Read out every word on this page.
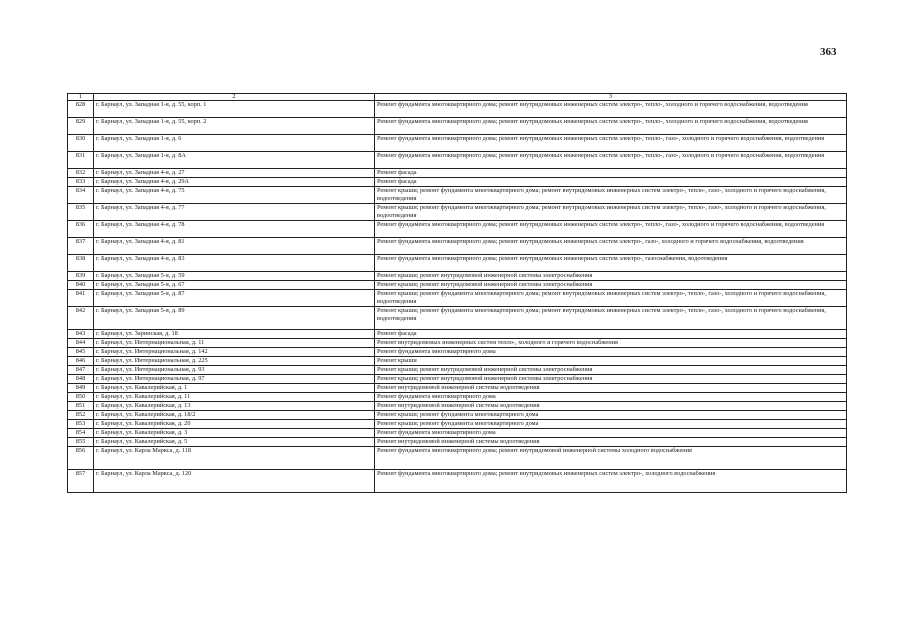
363
1	2	3
828	г. Барнаул, ул. Западная 1-я, д. 55, корп. 1	Ремонт фундамента многоквартирного дома; ремонт внутридомовых инженерных систем электро-, тепло-, холодного и горячего водоснабжения, водоотведения
829	г. Барнаул, ул. Западная 1-я, д. 55, корп. 2	Ремонт фундамента многоквартирного дома; ремонт внутридомовых инженерных систем электро-, тепло-, холодного и горячего водоснабжения, водоотведения
830	г. Барнаул, ул. Западная 1-я, д. 6	Ремонт фундамента многоквартирного дома; ремонт внутридомовых инженерных систем электро-, тепло-, газо-, холодного и горячего водоснабжения, водоотведения
831	г. Барнаул, ул. Западная 1-я, д. 8А	Ремонт фундамента многоквартирного дома; ремонт внутридомовых инженерных систем электро-, тепло-, газо-, холодного и горячего водоснабжения, водоотведения
832	г. Барнаул, ул. Западная 4-я, д. 27	Ремонт фасада
833	г. Барнаул, ул. Западная 4-я, д. 29А	Ремонт фасада
834	г. Барнаул, ул. Западная 4-я, д. 75	Ремонт крыши; ремонт фундамента многоквартирного дома; ремонт внутридомовых инженерных систем электро-, тепло-, газо-, холодного и горячего водоснабжения, водоотведения
835	г. Барнаул, ул. Западная 4-я, д. 77	Ремонт крыши; ремонт фундамента многоквартирного дома; ремонт внутридомовых инженерных систем электро-, тепло-, газо-, холодного и горячего водоснабжения, водоотведения
836	г. Барнаул, ул. Западная 4-я, д. 78	Ремонт фундамента многоквартирного дома; ремонт внутридомовых инженерных систем электро-, тепло-, газо-, холодного и горячего водоснабжения, водоотведения
837	г. Барнаул, ул. Западная 4-я, д. 81	Ремонт фундамента многоквартирного дома; ремонт внутридомовых инженерных систем электро-, газо-, холодного и горячего водоснабжения, водоотведения
838	г. Барнаул, ул. Западная 4-я, д. 83	Ремонт фундамента многоквартирного дома; ремонт внутридомовых инженерных систем электро-, газоснабжения, водоотведения
839	г. Барнаул, ул. Западная 5-я, д. 59	Ремонт крыши; ремонт внутридомовой инженерной системы электроснабжения
840	г. Барнаул, ул. Западная 5-я, д. 67	Ремонт крыши; ремонт внутридомовой инженерной системы электроснабжения
841	г. Барнаул, ул. Западная 5-я, д. 87	Ремонт крыши; ремонт фундамента многоквартирного дома; ремонт внутридомовых инженерных систем электро-, тепло-, газо-, холодного и горячего водоснабжения, водоотведения
842	г. Барнаул, ул. Западная 5-я, д. 89	Ремонт крыши; ремонт фундамента многоквартирного дома; ремонт внутридомовых инженерных систем электро-, тепло-, газо-, холодного и горячего водоснабжения, водоотведения
843	г. Барнаул, ул. Заринская, д. 18	Ремонт фасада
844	г. Барнаул, ул. Интернациональная, д. 11	Ремонт внутридомовых инженерных систем тепло-, холодного и горячего водоснабжения
845	г. Барнаул, ул. Интернациональная, д. 142	Ремонт фундамента многоквартирного дома
846	г. Барнаул, ул. Интернациональная, д. 225	Ремонт крыши
847	г. Барнаул, ул. Интернациональная, д. 93	Ремонт крыши; ремонт внутридомовой инженерной системы электроснабжения
848	г. Барнаул, ул. Интернациональная, д. 97	Ремонт крыши; ремонт внутридомовой инженерной системы электроснабжения
849	г. Барнаул, ул. Кавалерийская, д. 1	Ремонт внутридомовой инженерной системы водоотведения
850	г. Барнаул, ул. Кавалерийская, д. 11	Ремонт фундамента многоквартирного дома
851	г. Барнаул, ул. Кавалерийская, д. 13	Ремонт внутридомовой инженерной системы водоотведения
852	г. Барнаул, ул. Кавалерийская, д. 18/2	Ремонт крыши; ремонт фундамента многоквартирного дома
853	г. Барнаул, ул. Кавалерийская, д. 20	Ремонт крыши; ремонт фундамента многоквартирного дома
854	г. Барнаул, ул. Кавалерийская, д. 3	Ремонт фундамента многоквартирного дома
855	г. Барнаул, ул. Кавалерийская, д. 5	Ремонт внутридомовой инженерной системы водоотведения
856	г. Барнаул, ул. Карла Маркса, д. 118	Ремонт фундамента многоквартирного дома; ремонт внутридомовой инженерной системы холодного водоснабжения
857	г. Барнаул, ул. Карла Маркса, д. 120	Ремонт фундамента многоквартирного дома; ремонт внутридомовых инженерных систем электро-, холодного водоснабжения
